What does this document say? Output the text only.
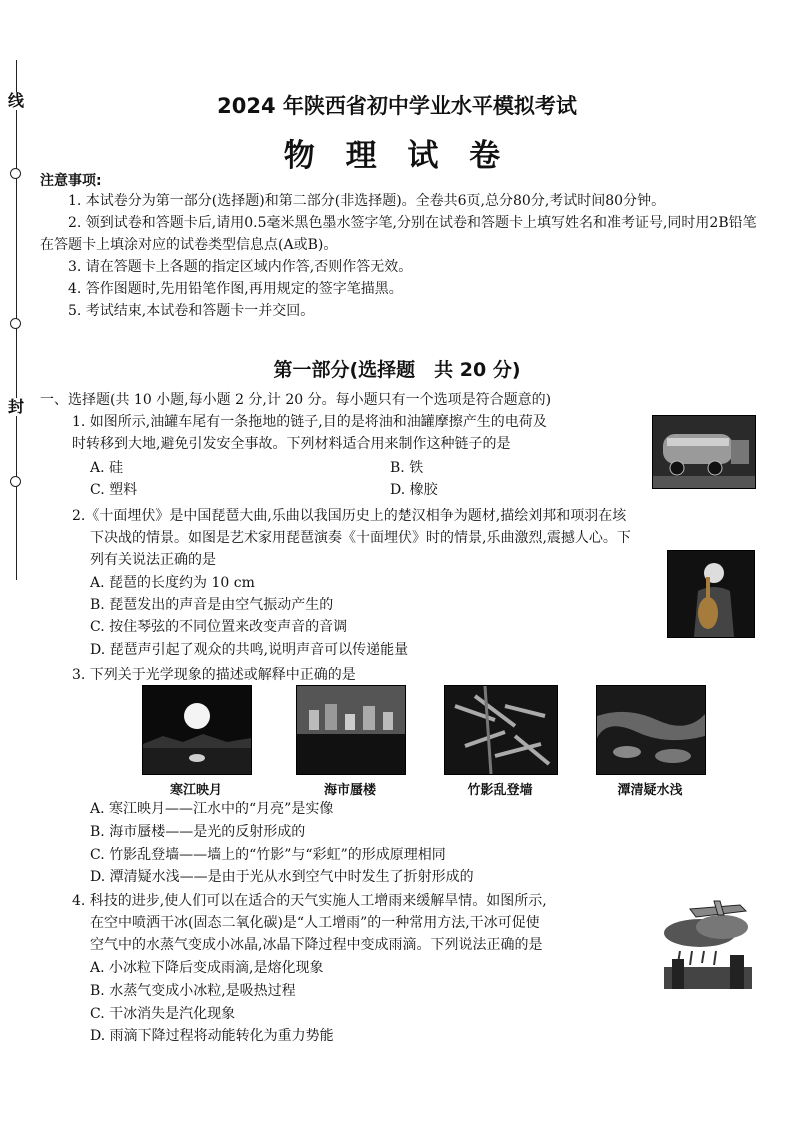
线
封
2024 年陕西省初中学业水平模拟考试
物 理 试 卷
注意事项:

1. 本试卷分为第一部分(选择题)和第二部分(非选择题)。全卷共6页,总分80分,考试时间80分钟。

2. 领到试卷和答题卡后,请用0.5毫米黑色墨水签字笔,分别在试卷和答题卡上填写姓名和准考证号,同时用2B铅笔在答题卡上填涂对应的试卷类型信息点(A或B)。

3. 请在答题卡上各题的指定区域内作答,否则作答无效。

4. 答作图题时,先用铅笔作图,再用规定的签字笔描黑。

5. 考试结束,本试卷和答题卡一并交回。

第一部分(选择题　共 20 分)
一、选择题(共 10 小题,每小题 2 分,计 20 分。每小题只有一个选项是符合题意的)
1. 如图所示,油罐车尾有一条拖地的链子,目的是将油和油罐摩擦产生的电荷及
时转移到大地,避免引发安全事故。下列材料适合用来制作这种链子的是
A. 硅	B. 铁
C. 塑料	D. 橡胶
2.《十面埋伏》是中国琵琶大曲,乐曲以我国历史上的楚汉相争为题材,描绘刘邦和项羽在垓
下决战的情景。如图是艺术家用琵琶演奏《十面埋伏》时的情景,乐曲激烈,震撼人心。下
列有关说法正确的是
A. 琵琶的长度约为 10 cm
B. 琵琶发出的声音是由空气振动产生的
C. 按住琴弦的不同位置来改变声音的音调
D. 琵琶声引起了观众的共鸣,说明声音可以传递能量
3. 下列关于光学现象的描述或解释中正确的是
寒江映月	海市蜃楼	竹影乱登墙	潭清疑水浅
A. 寒江映月——江水中的“月亮”是实像
B. 海市蜃楼——是光的反射形成的
C. 竹影乱登墙——墙上的“竹影”与“彩虹”的形成原理相同
D. 潭清疑水浅——是由于光从水到空气中时发生了折射形成的
4. 科技的进步,使人们可以在适合的天气实施人工增雨来缓解旱情。如图所示,
在空中喷洒干冰(固态二氧化碳)是“人工增雨”的一种常用方法,干冰可促使
空气中的水蒸气变成小冰晶,冰晶下降过程中变成雨滴。下列说法正确的是
A. 小冰粒下降后变成雨滴,是熔化现象
B. 水蒸气变成小冰粒,是吸热过程
C. 干冰消失是汽化现象
D. 雨滴下降过程将动能转化为重力势能
